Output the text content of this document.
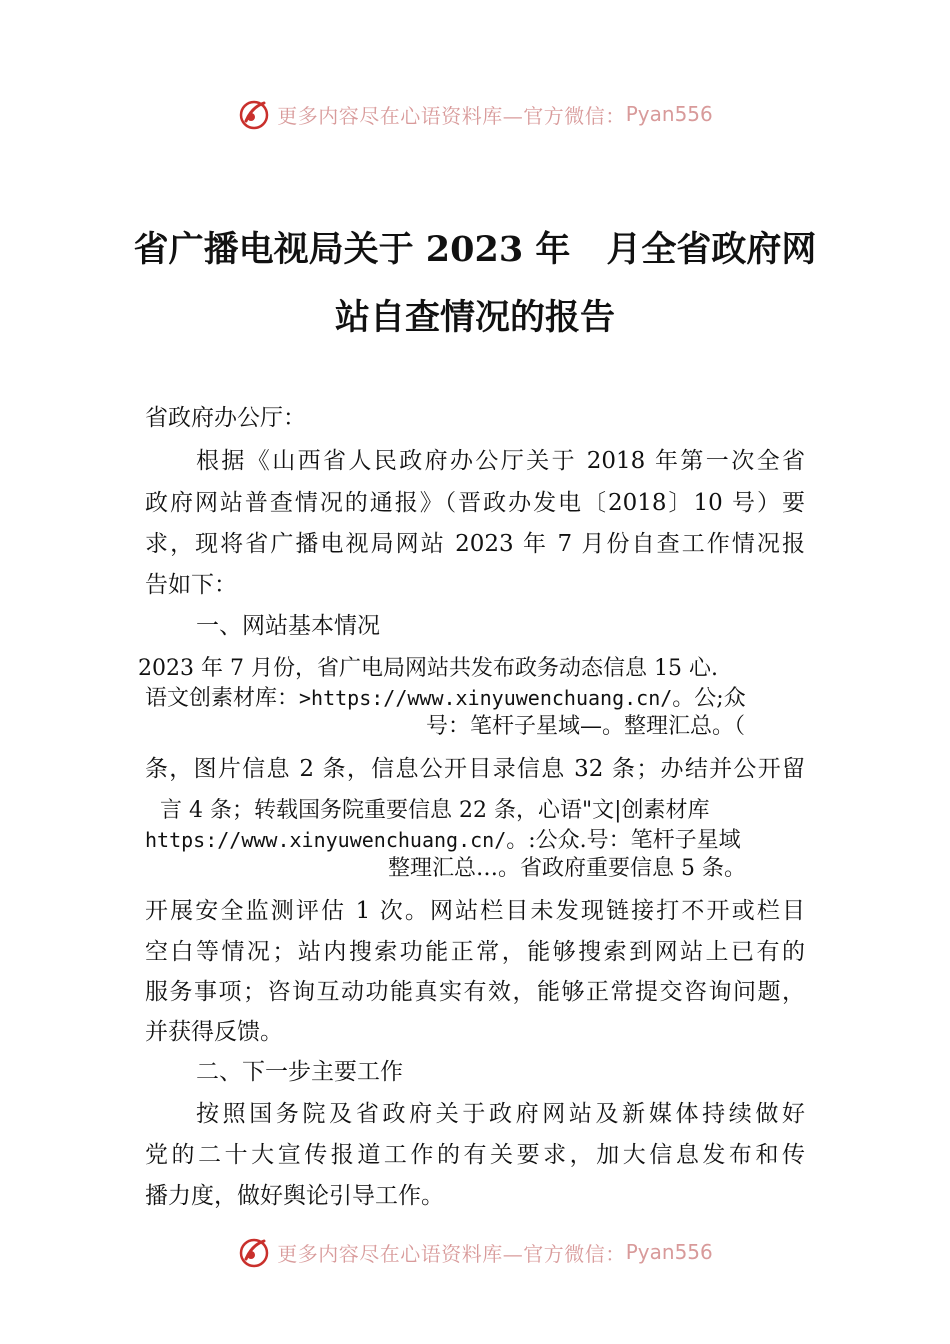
更多内容尽在心语资料库—官方微信： Pyan556
省广播电视局关于 2023 年 月全省政府网
站自查情况的报告
省政府办公厅：
根据《山西省人民政府办公厅关于 2018 年第一次全省
政府网站普查情况的通报》（晋政办发电〔2018〕10 号）要
求，现将省广播电视局网站 2023 年 7 月份自查工作情况报
告如下：
一、网站基本情况
2023 年 7 月份，省广电局网站共发布政务动态信息 15 心.
语文创素材库：>https://www.xinyuwenchuang.cn/。公;众
号：笔杆子星域—。整理汇总。（
条，图片信息 2 条，信息公开目录信息 32 条；办结并公开留
言 4 条；转载国务院重要信息 22 条，心语"文|创素材库
https://www.xinyuwenchuang.cn/。:公众.号：笔杆子星域
整理汇总…。省政府重要信息 5 条。
开展安全监测评估 1 次。网站栏目未发现链接打不开或栏目
空白等情况；站内搜索功能正常，能够搜索到网站上已有的
服务事项；咨询互动功能真实有效，能够正常提交咨询问题，
并获得反馈。
二、下一步主要工作
按照国务院及省政府关于政府网站及新媒体持续做好
党的二十大宣传报道工作的有关要求，加大信息发布和传
播力度，做好舆论引导工作。
更多内容尽在心语资料库—官方微信： Pyan556
